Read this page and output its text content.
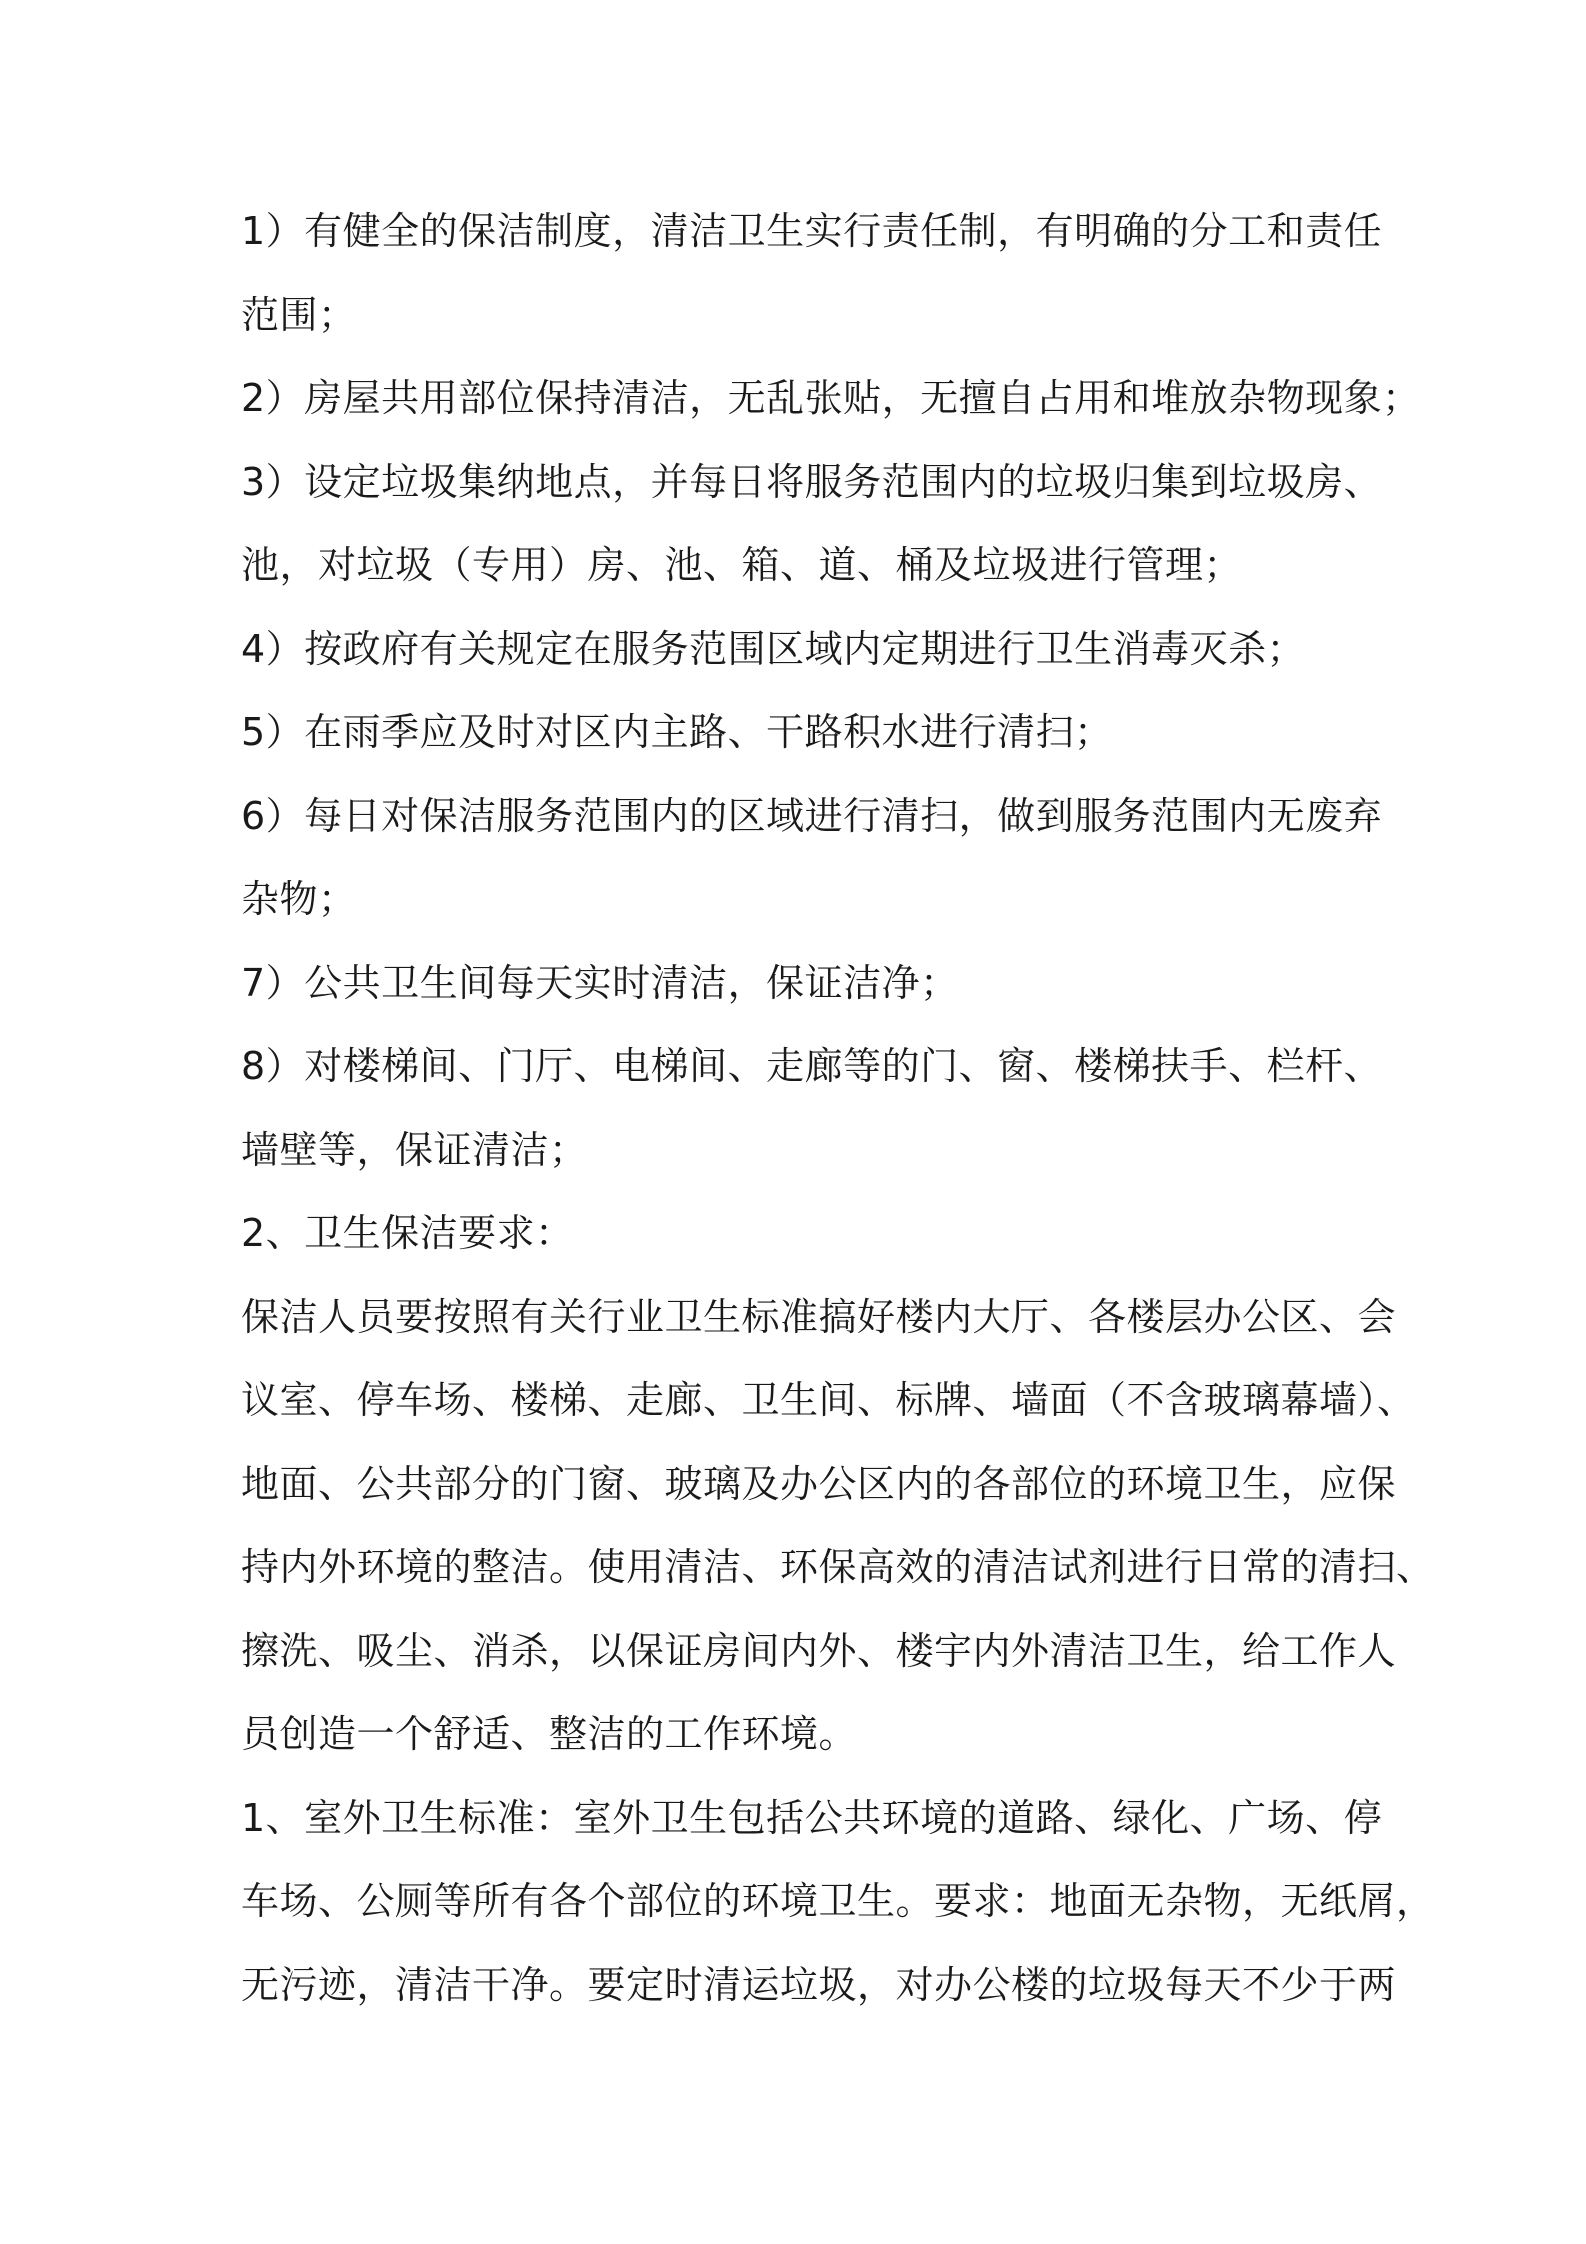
1）有健全的保洁制度，清洁卫生实行责任制，有明确的分工和责任
范围；
2）房屋共用部位保持清洁，无乱张贴，无擅自占用和堆放杂物现象；
3）设定垃圾集纳地点，并每日将服务范围内的垃圾归集到垃圾房、
池，对垃圾（专用）房、池、箱、道、桶及垃圾进行管理；
4）按政府有关规定在服务范围区域内定期进行卫生消毒灭杀；
5）在雨季应及时对区内主路、干路积水进行清扫；
6）每日对保洁服务范围内的区域进行清扫，做到服务范围内无废弃
杂物；
7）公共卫生间每天实时清洁，保证洁净；
8）对楼梯间、门厅、电梯间、走廊等的门、窗、楼梯扶手、栏杆、
墙壁等，保证清洁；
2、卫生保洁要求：
保洁人员要按照有关行业卫生标准搞好楼内大厅、各楼层办公区、会
议室、停车场、楼梯、走廊、卫生间、标牌、墙面（不含玻璃幕墙）、
地面、公共部分的门窗、玻璃及办公区内的各部位的环境卫生，应保
持内外环境的整洁。使用清洁、环保高效的清洁试剂进行日常的清扫、
擦洗、吸尘、消杀，以保证房间内外、楼宇内外清洁卫生，给工作人
员创造一个舒适、整洁的工作环境。
1、室外卫生标准：室外卫生包括公共环境的道路、绿化、广场、停
车场、公厕等所有各个部位的环境卫生。要求：地面无杂物，无纸屑，
无污迹，清洁干净。要定时清运垃圾，对办公楼的垃圾每天不少于两
